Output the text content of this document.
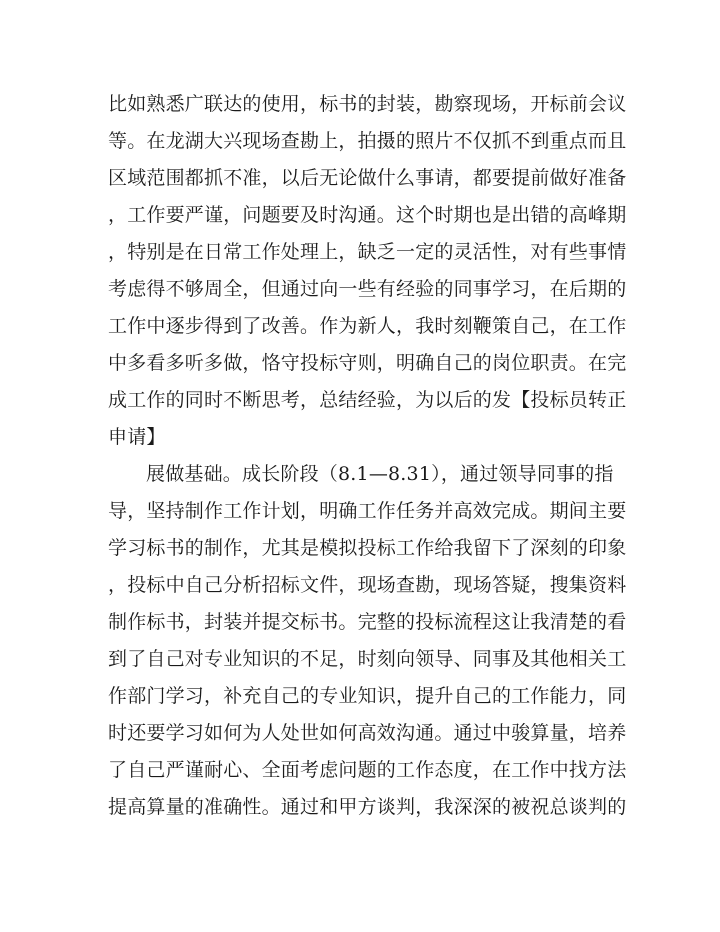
比如熟悉广联达的使用，标书的封装，勘察现场，开标前会议
等。在龙湖大兴现场查勘上，拍摄的照片不仅抓不到重点而且
区域范围都抓不准，以后无论做什么事请，都要提前做好准备
，工作要严谨，问题要及时沟通。这个时期也是出错的高峰期
，特别是在日常工作处理上，缺乏一定的灵活性，对有些事情
考虑得不够周全，但通过向一些有经验的同事学习，在后期的
工作中逐步得到了改善。作为新人，我时刻鞭策自己，在工作
中多看多听多做，恪守投标守则，明确自己的岗位职责。在完
成工作的同时不断思考，总结经验，为以后的发【投标员转正
申请】
展做基础。成长阶段（8.1—8.31），通过领导同事的指
导，坚持制作工作计划，明确工作任务并高效完成。期间主要
学习标书的制作，尤其是模拟投标工作给我留下了深刻的印象
，投标中自己分析招标文件，现场查勘，现场答疑，搜集资料
制作标书，封装并提交标书。完整的投标流程这让我清楚的看
到了自己对专业知识的不足，时刻向领导、同事及其他相关工
作部门学习，补充自己的专业知识，提升自己的工作能力，同
时还要学习如何为人处世如何高效沟通。通过中骏算量，培养
了自己严谨耐心、全面考虑问题的工作态度，在工作中找方法
提高算量的准确性。通过和甲方谈判，我深深的被祝总谈判的
